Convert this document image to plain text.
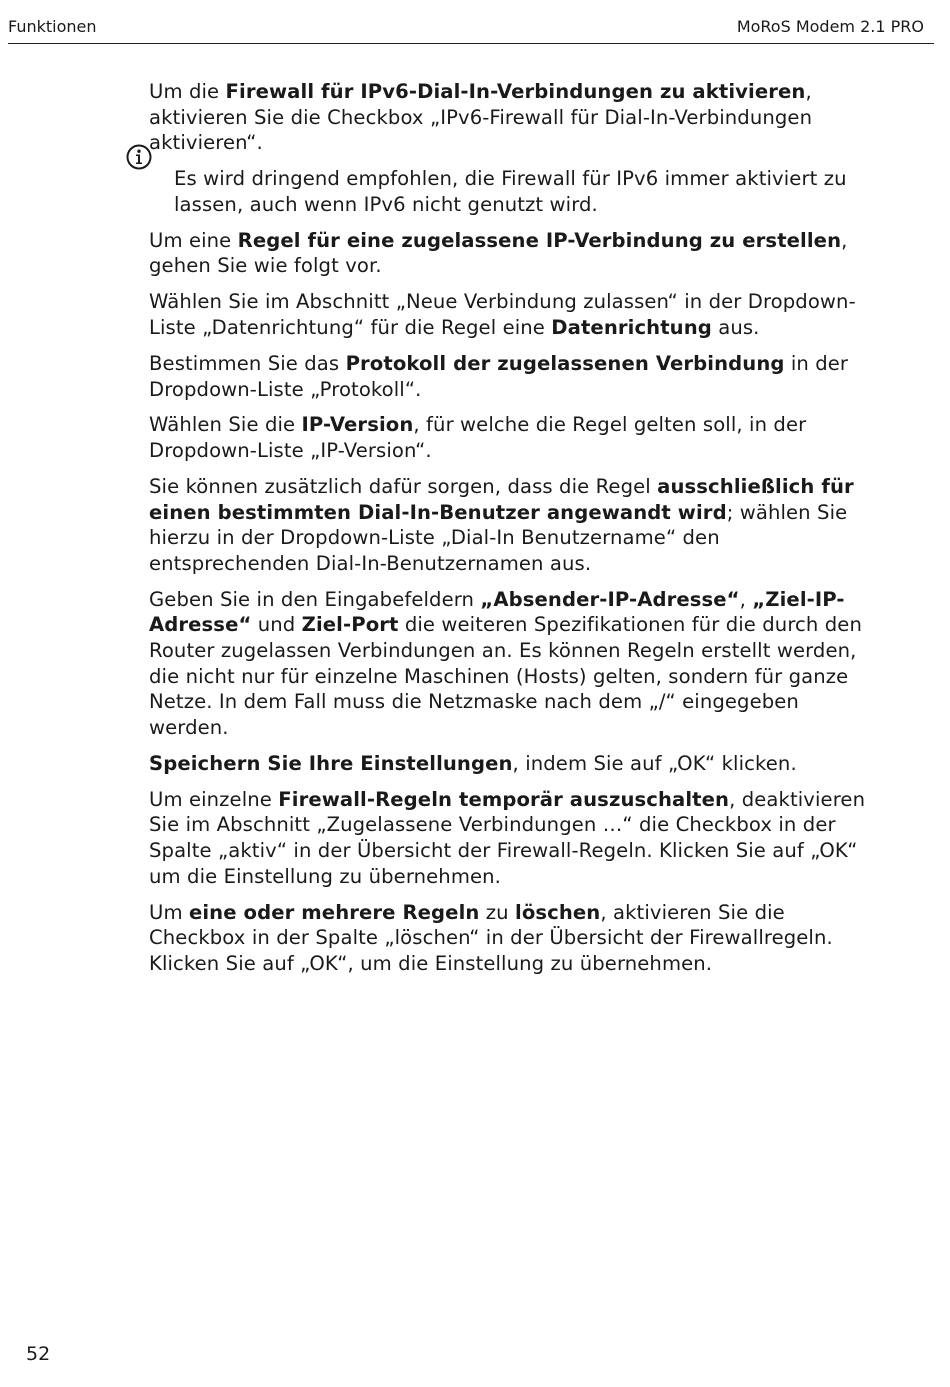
Funktionen	MoRoS Modem 2.1 PRO

Um die Firewall für IPv6-Dial-In-Verbindungen zu aktivieren, aktivieren Sie die Checkbox „IPv6-Firewall für Dial-In-Verbindungen aktivieren“.

Es wird dringend empfohlen, die Firewall für IPv6 immer aktiviert zu lassen, auch wenn IPv6 nicht genutzt wird.

Um eine Regel für eine zugelassene IP-Verbindung zu erstellen, gehen Sie wie folgt vor.

Wählen Sie im Abschnitt „Neue Verbindung zulassen“ in der Dropdown-Liste „Datenrichtung“ für die Regel eine Datenrichtung aus.

Bestimmen Sie das Protokoll der zugelassenen Verbindung in der Dropdown-Liste „Protokoll“.

Wählen Sie die IP-Version, für welche die Regel gelten soll, in der Dropdown-Liste „IP-Version“.

Sie können zusätzlich dafür sorgen, dass die Regel ausschließlich für einen bestimmten Dial-In-Benutzer angewandt wird; wählen Sie hierzu in der Dropdown-Liste „Dial-In Benutzername“ den entsprechenden Dial-In-Benutzernamen aus.

Geben Sie in den Eingabefeldern „Absender-IP-Adresse“, „Ziel-IP-Adresse“ und Ziel-Port die weiteren Spezifikationen für die durch den Router zugelassen Verbindungen an. Es können Regeln erstellt werden, die nicht nur für einzelne Maschinen (Hosts) gelten, sondern für ganze Netze. In dem Fall muss die Netzmaske nach dem „/“ eingegeben werden.

Speichern Sie Ihre Einstellungen, indem Sie auf „OK“ klicken.

Um einzelne Firewall-Regeln temporär auszuschalten, deaktivieren Sie im Abschnitt „Zugelassene Verbindungen …“ die Checkbox in der Spalte „aktiv“ in der Übersicht der Firewall-Regeln. Klicken Sie auf „OK“ um die Einstellung zu übernehmen.

Um eine oder mehrere Regeln zu löschen, aktivieren Sie die Checkbox in der Spalte „löschen“ in der Übersicht der Firewallregeln. Klicken Sie auf „OK“, um die Einstellung zu übernehmen.

52
